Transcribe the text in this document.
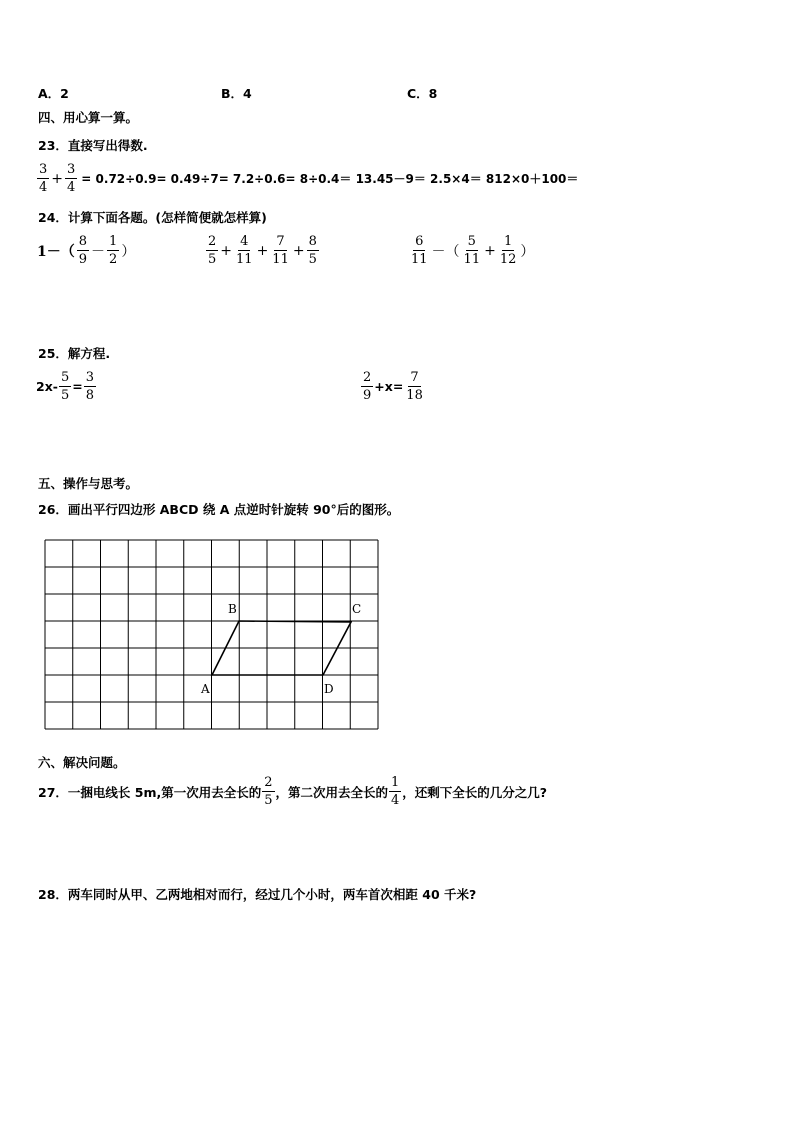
A．2	B．4	C．8
四、用心算一算。
23．直接写出得数.
$\frac{3}{4} + \frac{3}{4} = 0.72\div 0.9= 0.49\div 7= 7.2\div 0.6= 8\div 0.4= 13.45-9= 2.5\times 4= 812\times 0+100=$
24．计算下面各题。(怎样简便就怎样算)
$1-( \frac{8}{9} - \frac{1}{2}$ ）	$\frac{2}{5} + \frac{4}{11} + \frac{7}{11} + \frac{8}{5}$	$\frac{6}{11}$ －（ $\frac{5}{11} + \frac{1}{12}$ ）
25．解方程.
$2x- \frac{5}{5} = \frac{3}{8}$	$\frac{2}{9} +x= \frac{7}{18}$
五、操作与思考。
26．画出平行四边形 ABCD 绕 A 点逆时针旋转 90°后的图形。
A
B	C
D
六、解决问题。
27．一捆电线长 5m,第一次用去全长的 $\frac{2}{5}$ ，第二次用去全长的 $\frac{1}{4}$ ，还剩下全长的几分之几?
28．两车同时从甲、乙两地相对而行，经过几个小时，两车首次相距 40 千米?
